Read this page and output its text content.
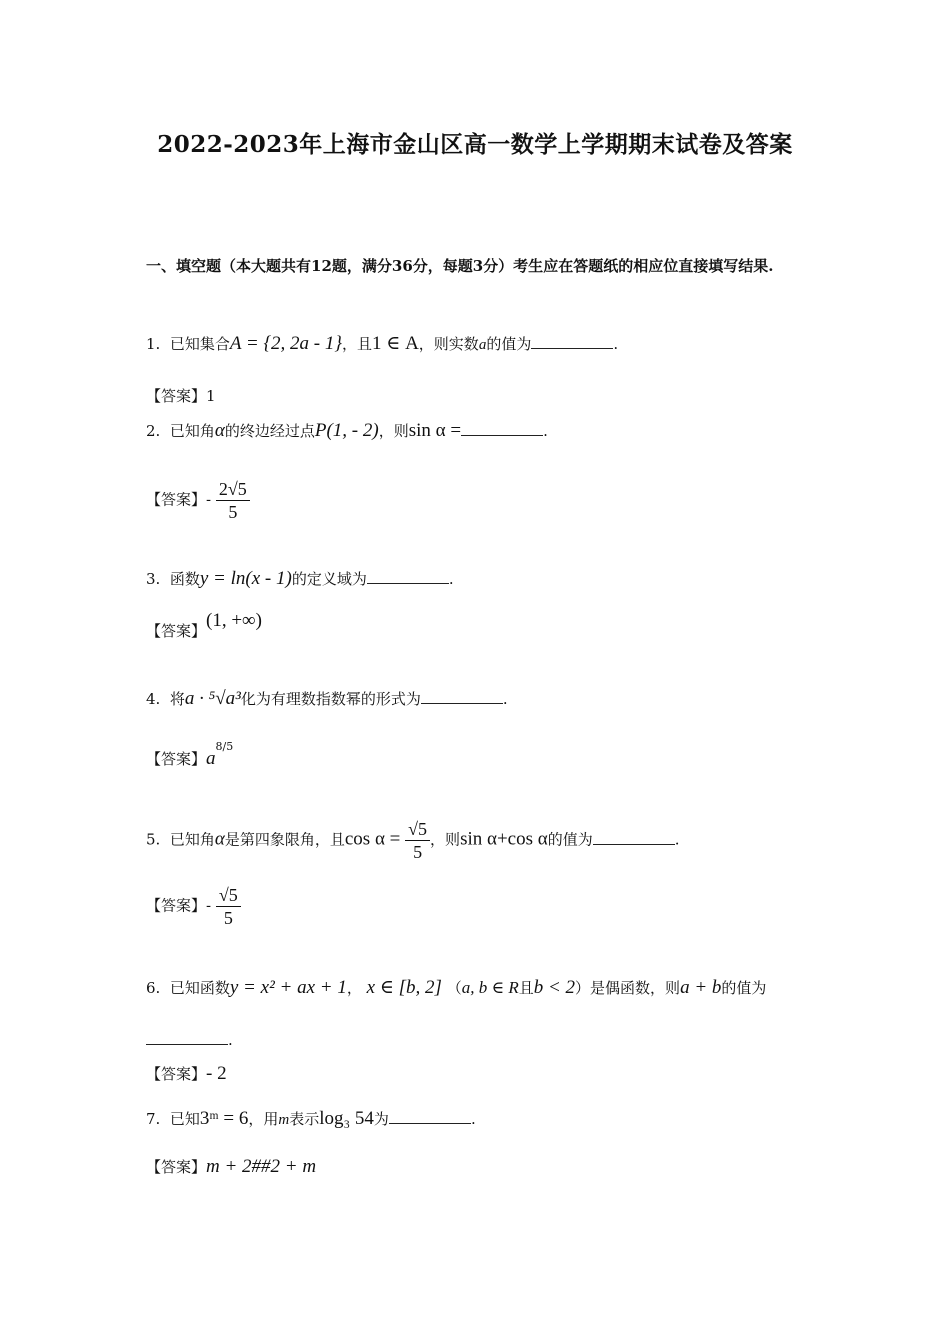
2022-2023年上海市金山区高一数学上学期期末试卷及答案
一、填空题（本大题共有12题，满分36分，每题3分）考生应在答题纸的相应位直接填写结果.
1. 已知集合A = {2, 2a - 1}，且1 ∈ A，则实数a的值为	.
【答案】1
2. 已知角α的终边经过点P(1, - 2)，则sin α =	.
【答案】- $\frac{2√5}{5}$
3. 函数y = ln(x - 1)的定义域为	.
【答案】(1, +∞)
4. 将a · ⁵√a³化为有理数指数幂的形式为	.
【答案】$a^{8/5}$
5. 已知角α是第四象限角，且$\cos \alpha = \frac{√5}{5}$ ，则sin α+cos α的值为	.
【答案】- $\frac{√5}{5}$
6. 已知函数y = x² + ax + 1， x ∈ [b, 2] （a, b ∈ R且b < 2）是偶函数，则a + b的值为
.
【答案】- 2
7. 已知3ᵐ = 6，用m表示log₃ 54为	.
【答案】m + 2##2 + m
